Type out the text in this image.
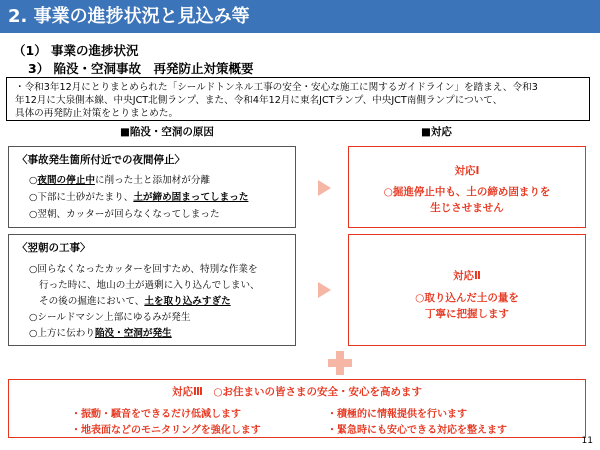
2. 事業の進捗状況と見込み等
（1） 事業の進捗状況
3） 陥没・空洞事故　再発防止対策概要

・令和3年12月にとりまとめられた「シールドトンネル工事の安全・安心な施工に関するガイドライン」を踏まえ、令和3

年12月に大泉側本線、中央JCT北側ランプ、また、令和4年12月に東名JCTランプ、中央JCT南側ランプについて、

具体の再発防止対策をとりまとめた。

■陥没・空洞の原因	■対応
〈事故発生箇所付近での夜間停止〉
○夜間の停止中に削った土と添加材が分離
○下部に土砂がたまり、土が締め固まってしまった
○翌朝、カッターが回らなくなってしまった
〈翌朝の工事〉
○回らなくなったカッターを回すため、特別な作業を
行った時に、地山の土が過剰に入り込んでしまい、
その後の掘進において、土を取り込みすぎた
○シールドマシン上部にゆるみが発生
○上方に伝わり陥没・空洞が発生
対応Ⅰ
○掘進停止中も、土の締め固まりを
生じさせません
対応Ⅱ
○取り込んだ土の量を
丁寧に把握します
対応Ⅲ　○お住まいの皆さまの安全・安心を高めます
・振動・騒音をできるだけ低減します
・地表面などのモニタリングを強化します
・積極的に情報提供を行います
・緊急時にも安心できる対応を整えます
11
